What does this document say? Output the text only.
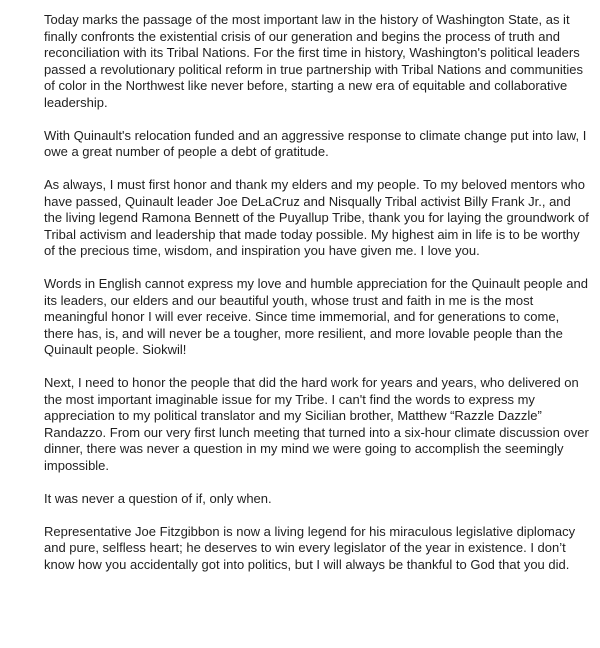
Today marks the passage of the most important law in the history of Washington State, as it finally confronts the existential crisis of our generation and begins the process of truth and reconciliation with its Tribal Nations. For the first time in history, Washington's political leaders passed a revolutionary political reform in true partnership with Tribal Nations and communities of color in the Northwest like never before, starting a new era of equitable and collaborative leadership.

With Quinault's relocation funded and an aggressive response to climate change put into law, I owe a great number of people a debt of gratitude.

As always, I must first honor and thank my elders and my people. To my beloved mentors who have passed, Quinault leader Joe DeLaCruz and Nisqually Tribal activist Billy Frank Jr., and the living legend Ramona Bennett of the Puyallup Tribe, thank you for laying the groundwork of Tribal activism and leadership that made today possible. My highest aim in life is to be worthy of the precious time, wisdom, and inspiration you have given me. I love you.

Words in English cannot express my love and humble appreciation for the Quinault people and its leaders, our elders and our beautiful youth, whose trust and faith in me is the most meaningful honor I will ever receive. Since time immemorial, and for generations to come, there has, is, and will never be a tougher, more resilient, and more lovable people than the Quinault people. Siokwil!

Next, I need to honor the people that did the hard work for years and years, who delivered on the most important imaginable issue for my Tribe. I can't find the words to express my appreciation to my political translator and my Sicilian brother, Matthew “Razzle Dazzle” Randazzo. From our very first lunch meeting that turned into a six-hour climate discussion over dinner, there was never a question in my mind we were going to accomplish the seemingly impossible.

It was never a question of if, only when.

Representative Joe Fitzgibbon is now a living legend for his miraculous legislative diplomacy and pure, selfless heart; he deserves to win every legislator of the year in existence. I don’t know how you accidentally got into politics, but I will always be thankful to God that you did.
